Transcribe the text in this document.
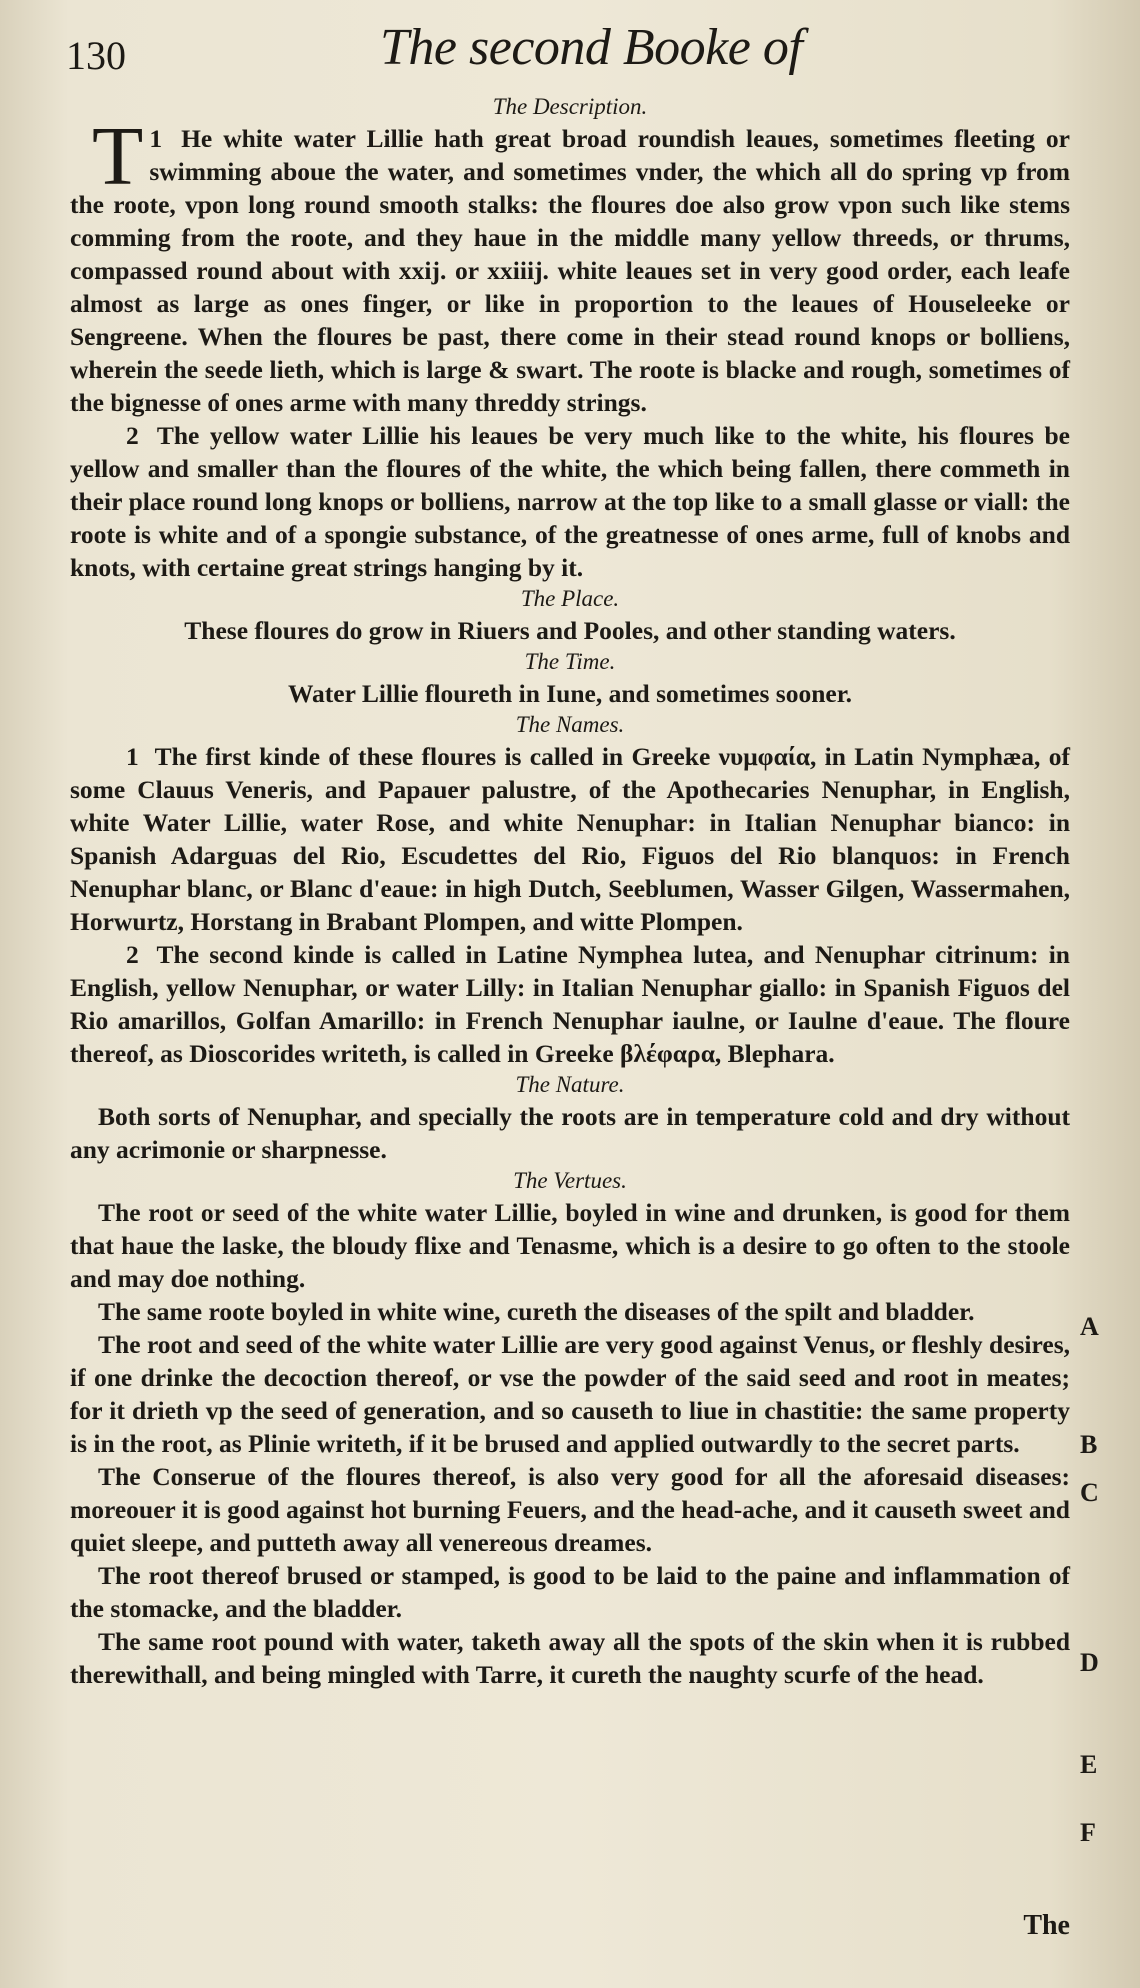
130	The second Booke of

The Description.

1
T He white water Lillie hath great broad roundish leaues, sometimes fleeting or swimming aboue the water, and sometimes vnder, the which all do spring vp from the roote, vpon long round smooth stalks: the floures doe also grow vpon such like stems comming from the roote, and they haue in the middle many yellow threeds, or thrums, compassed round about with xxij. or xxiiij. white leaues set in very good order, each leafe almost as large as ones finger, or like in proportion to the leaues of Houseleeke or Sengreene. When the floures be past, there come in their stead round knops or bolliens, wherein the seede lieth, which is large & swart. The roote is blacke and rough, sometimes of the bignesse of ones arme with many threddy strings.

2 The yellow water Lillie his leaues be very much like to the white, his floures be yellow and smaller than the floures of the white, the which being fallen, there commeth in their place round long knops or bolliens, narrow at the top like to a small glasse or viall: the roote is white and of a spongie substance, of the greatnesse of ones arme, full of knobs and knots, with certaine great strings hanging by it.

The Place.

These floures do grow in Riuers and Pooles, and other standing waters.

The Time.

Water Lillie floureth in Iune, and sometimes sooner.

The Names.

1 The first kinde of these floures is called in Greeke νυμφαία, in Latin Nymphæa, of some Clauus Veneris, and Papauer palustre, of the Apothecaries Nenuphar, in English, white Water Lillie, water Rose, and white Nenuphar: in Italian Nenuphar bianco: in Spanish Adarguas del Rio, Escudettes del Rio, Figuos del Rio blanquos: in French Nenuphar blanc, or Blanc d'eaue: in high Dutch, Seeblumen, Wasser Gilgen, Wassermahen, Horwurtz, Horstang in Brabant Plompen, and witte Plompen.

2 The second kinde is called in Latine Nymphea lutea, and Nenuphar citrinum: in English, yellow Nenuphar, or water Lilly: in Italian Nenuphar giallo: in Spanish Figuos del Rio amarillos, Golfan Amarillo: in French Nenuphar iaulne, or Iaulne d'eaue. The floure thereof, as Dioscorides writeth, is called in Greeke βλέφαρα, Blephara.

The Nature.

Both sorts of Nenuphar, and specially the roots are in temperature cold and dry without any acrimonie or sharpnesse.

The Vertues.

The root or seed of the white water Lillie, boyled in wine and drunken, is good for them that haue the laske, the bloudy flixe and Tenasme, which is a desire to go often to the stoole and may doe nothing.

The same roote boyled in white wine, cureth the diseases of the spilt and bladder.

The root and seed of the white water Lillie are very good against Venus, or fleshly desires, if one drinke the decoction thereof, or vse the powder of the said seed and root in meates; for it drieth vp the seed of generation, and so causeth to liue in chastitie: the same property is in the root, as Plinie writeth, if it be brused and applied outwardly to the secret parts.

The Conserue of the floures thereof, is also very good for all the aforesaid diseases: moreouer it is good against hot burning Feuers, and the head-ache, and it causeth sweet and quiet sleepe, and putteth away all venereous dreames.

The root thereof brused or stamped, is good to be laid to the paine and inflammation of the stomacke, and the bladder.

The same root pound with water, taketh away all the spots of the skin when it is rubbed therewithall, and being mingled with Tarre, it cureth the naughty scurfe of the head.

A
B
C
D
E
F
The
